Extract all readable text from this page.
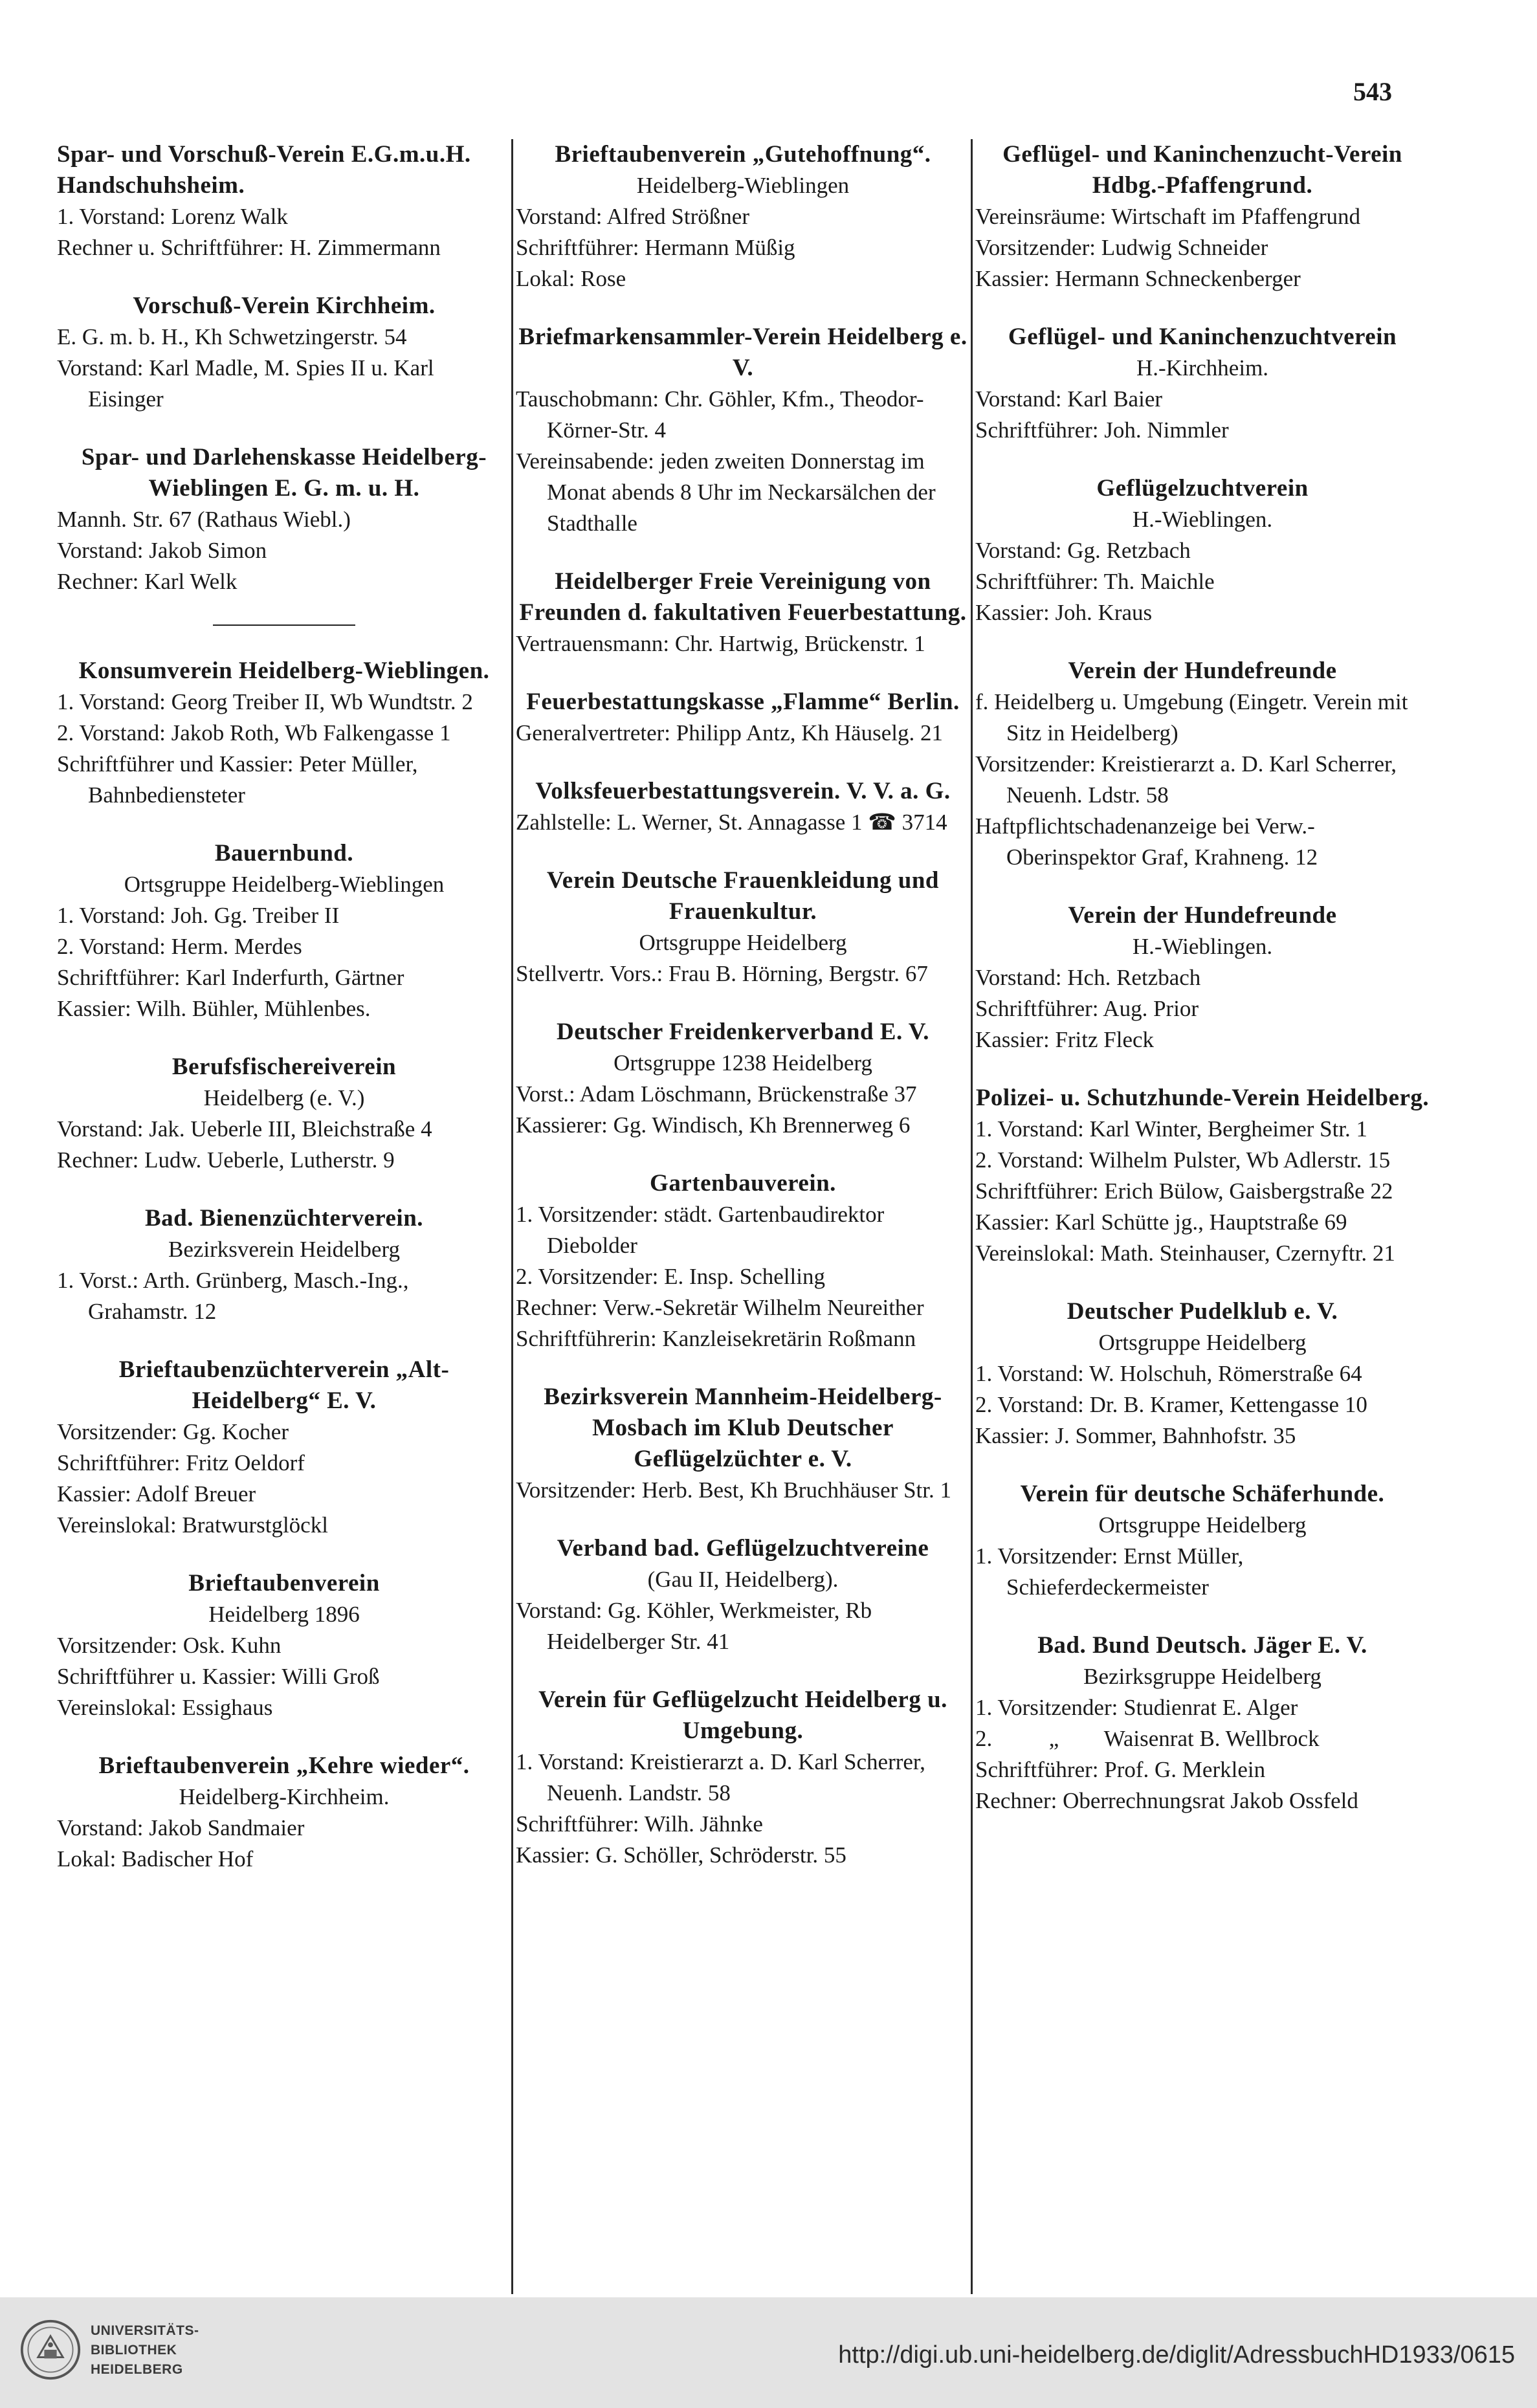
543
Spar- und Vorschuß-Verein E.G.m.u.H. Handschuhsheim.
1. Vorstand: Lorenz Walk
Rechner u. Schriftführer: H. Zimmermann
Vorschuß-Verein Kirchheim.
E. G. m. b. H., Kh Schwetzingerstr. 54
Vorstand: Karl Madle, M. Spies II u. Karl Eisinger
Spar- und Darlehenskasse Heidelberg-Wieblingen E. G. m. u. H.
Mannh. Str. 67 (Rathaus Wiebl.)
Vorstand: Jakob Simon
Rechner: Karl Welk
Konsumverein Heidelberg-Wieblingen.
1. Vorstand: Georg Treiber II, Wb Wundtstr. 2
2. Vorstand: Jakob Roth, Wb Falkengasse 1
Schriftführer und Kassier: Peter Müller, Bahnbediensteter
Bauernbund.
Ortsgruppe Heidelberg-Wieblingen
1. Vorstand: Joh. Gg. Treiber II
2. Vorstand: Herm. Merdes
Schriftführer: Karl Inderfurth, Gärtner
Kassier: Wilh. Bühler, Mühlenbes.
Berufsfischereiverein
Heidelberg (e. V.)
Vorstand: Jak. Ueberle III, Bleichstraße 4
Rechner: Ludw. Ueberle, Lutherstr. 9
Bad. Bienenzüchterverein.
Bezirksverein Heidelberg
1. Vorst.: Arth. Grünberg, Masch.-Ing., Grahamstr. 12
Brieftaubenzüchterverein „Alt-Heidelberg“ E. V.
Vorsitzender: Gg. Kocher
Schriftführer: Fritz Oeldorf
Kassier: Adolf Breuer
Vereinslokal: Bratwurstglöckl
Brieftaubenverein
Heidelberg 1896
Vorsitzender: Osk. Kuhn
Schriftführer u. Kassier: Willi Groß
Vereinslokal: Essighaus
Brieftaubenverein „Kehre wieder“.
Heidelberg-Kirchheim.
Vorstand: Jakob Sandmaier
Lokal: Badischer Hof
Brieftaubenverein „Gutehoffnung“.
Heidelberg-Wieblingen
Vorstand: Alfred Strößner
Schriftführer: Hermann Müßig
Lokal: Rose
Briefmarkensammler-Verein Heidelberg e. V.
Tauschobmann: Chr. Göhler, Kfm., Theodor-Körner-Str. 4
Vereinsabende: jeden zweiten Donnerstag im Monat abends 8 Uhr im Neckarsälchen der Stadthalle
Heidelberger Freie Vereinigung von Freunden d. fakultativen Feuerbestattung.
Vertrauensmann: Chr. Hartwig, Brückenstr. 1
Feuerbestattungskasse „Flamme“ Berlin.
Generalvertreter: Philipp Antz, Kh Häuselg. 21
Volksfeuerbestattungsverein. V. V. a. G.
Zahlstelle: L. Werner, St. Annagasse 1 ☎ 3714
Verein Deutsche Frauenkleidung und Frauenkultur.
Ortsgruppe Heidelberg
Stellvertr. Vors.: Frau B. Hörning, Bergstr. 67
Deutscher Freidenkerverband E. V.
Ortsgruppe 1238 Heidelberg
Vorst.: Adam Löschmann, Brückenstraße 37
Kassierer: Gg. Windisch, Kh Brennerweg 6
Gartenbauverein.
1. Vorsitzender: städt. Gartenbaudirektor Diebolder
2. Vorsitzender: E. Insp. Schelling
Rechner: Verw.-Sekretär Wilhelm Neureither
Schriftführerin: Kanzleisekretärin Roßmann
Bezirksverein Mannheim-Heidelberg-Mosbach im Klub Deutscher Geflügelzüchter e. V.
Vorsitzender: Herb. Best, Kh Bruchhäuser Str. 1
Verband bad. Geflügelzuchtvereine
(Gau II, Heidelberg).
Vorstand: Gg. Köhler, Werkmeister, Rb Heidelberger Str. 41
Verein für Geflügelzucht Heidelberg u. Umgebung.
1. Vorstand: Kreistierarzt a. D. Karl Scherrer, Neuenh. Landstr. 58
Schriftführer: Wilh. Jähnke
Kassier: G. Schöller, Schröderstr. 55
Geflügel- und Kaninchenzucht-Verein Hdbg.-Pfaffengrund.
Vereinsräume: Wirtschaft im Pfaffengrund
Vorsitzender: Ludwig Schneider
Kassier: Hermann Schneckenberger
Geflügel- und Kaninchenzuchtverein
H.-Kirchheim.
Vorstand: Karl Baier
Schriftführer: Joh. Nimmler
Geflügelzuchtverein
H.-Wieblingen.
Vorstand: Gg. Retzbach
Schriftführer: Th. Maichle
Kassier: Joh. Kraus
Verein der Hundefreunde
f. Heidelberg u. Umgebung (Eingetr. Verein mit Sitz in Heidelberg)
Vorsitzender: Kreistierarzt a. D. Karl Scherrer, Neuenh. Ldstr. 58
Haftpflichtschadenanzeige bei Verw.-Oberinspektor Graf, Krahneng. 12
Verein der Hundefreunde
H.-Wieblingen.
Vorstand: Hch. Retzbach
Schriftführer: Aug. Prior
Kassier: Fritz Fleck
Polizei- u. Schutzhunde-Verein Heidelberg.
1. Vorstand: Karl Winter, Bergheimer Str. 1
2. Vorstand: Wilhelm Pulster, Wb Adlerstr. 15
Schriftführer: Erich Bülow, Gaisbergstraße 22
Kassier: Karl Schütte jg., Hauptstraße 69
Vereinslokal: Math. Steinhauser, Czernyftr. 21
Deutscher Pudelklub e. V.
Ortsgruppe Heidelberg
1. Vorstand: W. Holschuh, Römerstraße 64
2. Vorstand: Dr. B. Kramer, Kettengasse 10
Kassier: J. Sommer, Bahnhofstr. 35
Verein für deutsche Schäferhunde.
Ortsgruppe Heidelberg
1. Vorsitzender: Ernst Müller, Schieferdeckermeister
Bad. Bund Deutsch. Jäger E. V.
Bezirksgruppe Heidelberg
1. Vorsitzender: Studienrat E. Alger
2.          „        Waisenrat B. Wellbrock
Schriftführer: Prof. G. Merklein
Rechner: Oberrechnungsrat Jakob Ossfeld
UNIVERSITÄTS-
BIBLIOTHEK
HEIDELBERG
http://digi.ub.uni-heidelberg.de/diglit/AdressbuchHD1933/0615
